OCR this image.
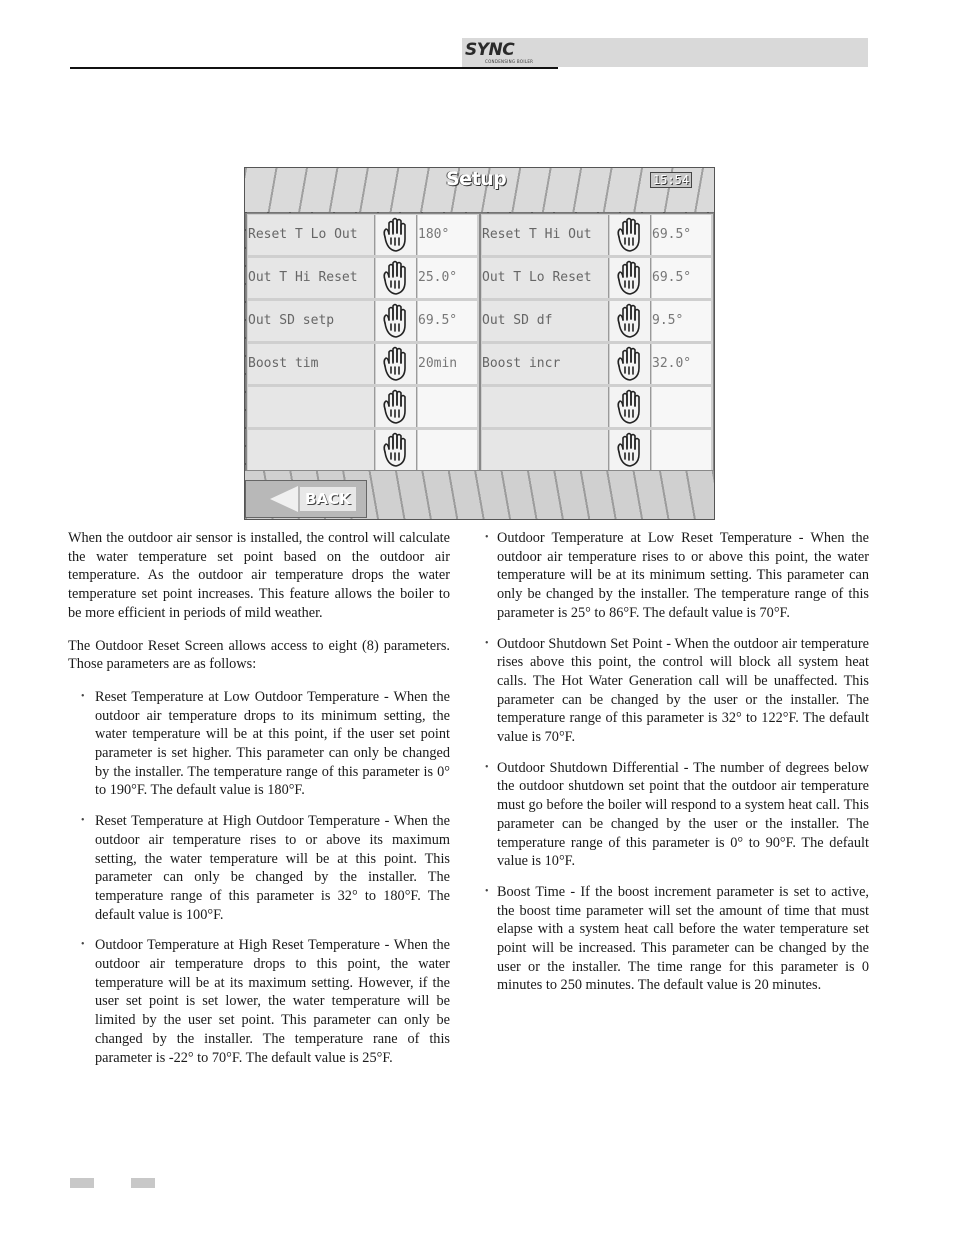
SYNC
CONDENSING BOILER
Setup	15:54
Reset T Lo Out	180°
Out T Hi Reset	25.0°
Out SD setp	69.5°
Boost tim	20min
Reset T Hi Out	69.5°
Out T Lo Reset	69.5°
Out SD df	9.5°
Boost incr	32.0°
BACK

When the outdoor air sensor is installed, the control will calculate the water temperature set point based on the outdoor air temperature. As the outdoor air temperature drops the water temperature set point increases. This feature allows the boiler to be more efficient in periods of mild weather.

The Outdoor Reset Screen allows access to eight (8) parameters. Those parameters are as follows:

• Reset Temperature at Low Outdoor Temperature - When the outdoor air temperature drops to its minimum setting, the water temperature will be at this point, if the user set point parameter is set higher. This parameter can only be changed by the installer. The temperature range of this parameter is 0° to 190°F. The default value is 180°F.
• Reset Temperature at High Outdoor Temperature - When the outdoor air temperature rises to or above its maximum setting, the water temperature will be at this point. This parameter can only be changed by the installer. The temperature range of this parameter is 32° to 180°F. The default value is 100°F.
• Outdoor Temperature at High Reset Temperature - When the outdoor air temperature drops to this point, the water temperature will be at its maximum setting. However, if the user set point is set lower, the water temperature will be limited by the user set point. This parameter can only be changed by the installer. The temperature rane of this parameter is -22° to 70°F. The default value is 25°F.
• Outdoor Temperature at Low Reset Temperature - When the outdoor air temperature rises to or above this point, the water temperature will be at its minimum setting. This parameter can only be changed by the installer. The temperature range of this parameter is 25° to 86°F. The default value is 70°F.
• Outdoor Shutdown Set Point - When the outdoor air temperature rises above this point, the control will block all system heat calls. The Hot Water Generation call will be unaffected. This parameter can be changed by the user or the installer. The temperature range of this parameter is 32° to 122°F. The default value is 70°F.
• Outdoor Shutdown Differential - The number of degrees below the outdoor shutdown set point that the outdoor air temperature must go before the boiler will respond to a system heat call. This parameter can be changed by the user or the installer. The temperature range of this parameter is 0° to 90°F. The default value is 10°F.
• Boost Time - If the boost increment parameter is set to active, the boost time parameter will set the amount of time that must elapse with a system heat call before the water temperature set point will be increased. This parameter can be changed by the user or the installer. The time range for this parameter is 0 minutes to 250 minutes. The default value is 20 minutes.
